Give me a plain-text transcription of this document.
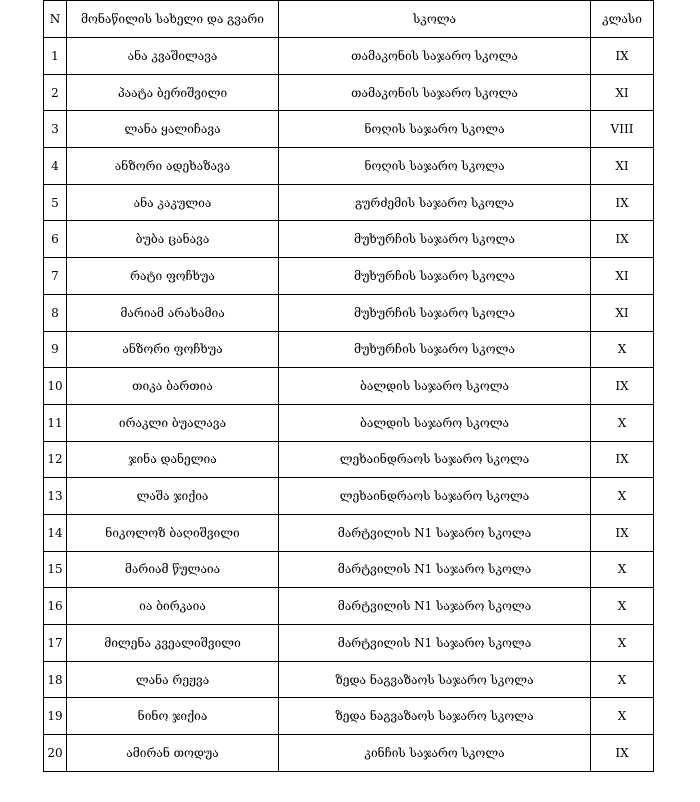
N	მონაწილის სახელი და გვარი	სკოლა	კლასი
1	ანა კვაშილავა	თამაკონის საჯარო სკოლა	IX
2	პაატა ბერიშვილი	თამაკონის საჯარო სკოლა	XI
3	ლანა ყალიჩავა	ნოღის საჯარო სკოლა	VIII
4	ანზორი ადეხაზავა	ნოღის საჯარო სკოლა	XI
5	ანა კაკულია	გურძემის საჯარო სკოლა	IX
6	ბუბა ცანავა	მუხურჩის საჯარო სკოლა	IX
7	რატი ფოჩხუა	მუხურჩის საჯარო სკოლა	XI
8	მარიამ არახამია	მუხურჩის საჯარო სკოლა	XI
9	ანზორი ფოჩხუა	მუხურჩის საჯარო სკოლა	X
10	თიკა ბართია	ბალდის საჯარო სკოლა	IX
11	ირაკლი ბუალავა	ბალდის საჯარო სკოლა	X
12	ჯინა დანელია	ლეხაინდრაოს საჯარო სკოლა	IX
13	ლაშა ჯიქია	ლეხაინდრაოს საჯარო სკოლა	X
14	ნიკოლოზ ბაღიშვილი	მარტვილის N1 საჯარო სკოლა	IX
15	მარიამ წულაია	მარტვილის N1 საჯარო სკოლა	X
16	ია ბირკაია	მარტვილის N1 საჯარო სკოლა	X
17	მილენა კვეალიშვილი	მარტვილის N1 საჯარო სკოლა	X
18	ლანა რეჟვა	ზედა ნაგვაზაოს საჯარო სკოლა	X
19	ნინო ჯიქია	ზედა ნაგვაზაოს საჯარო სკოლა	X
20	ამირან თოდუა	კინჩის საჯარო სკოლა	IX
